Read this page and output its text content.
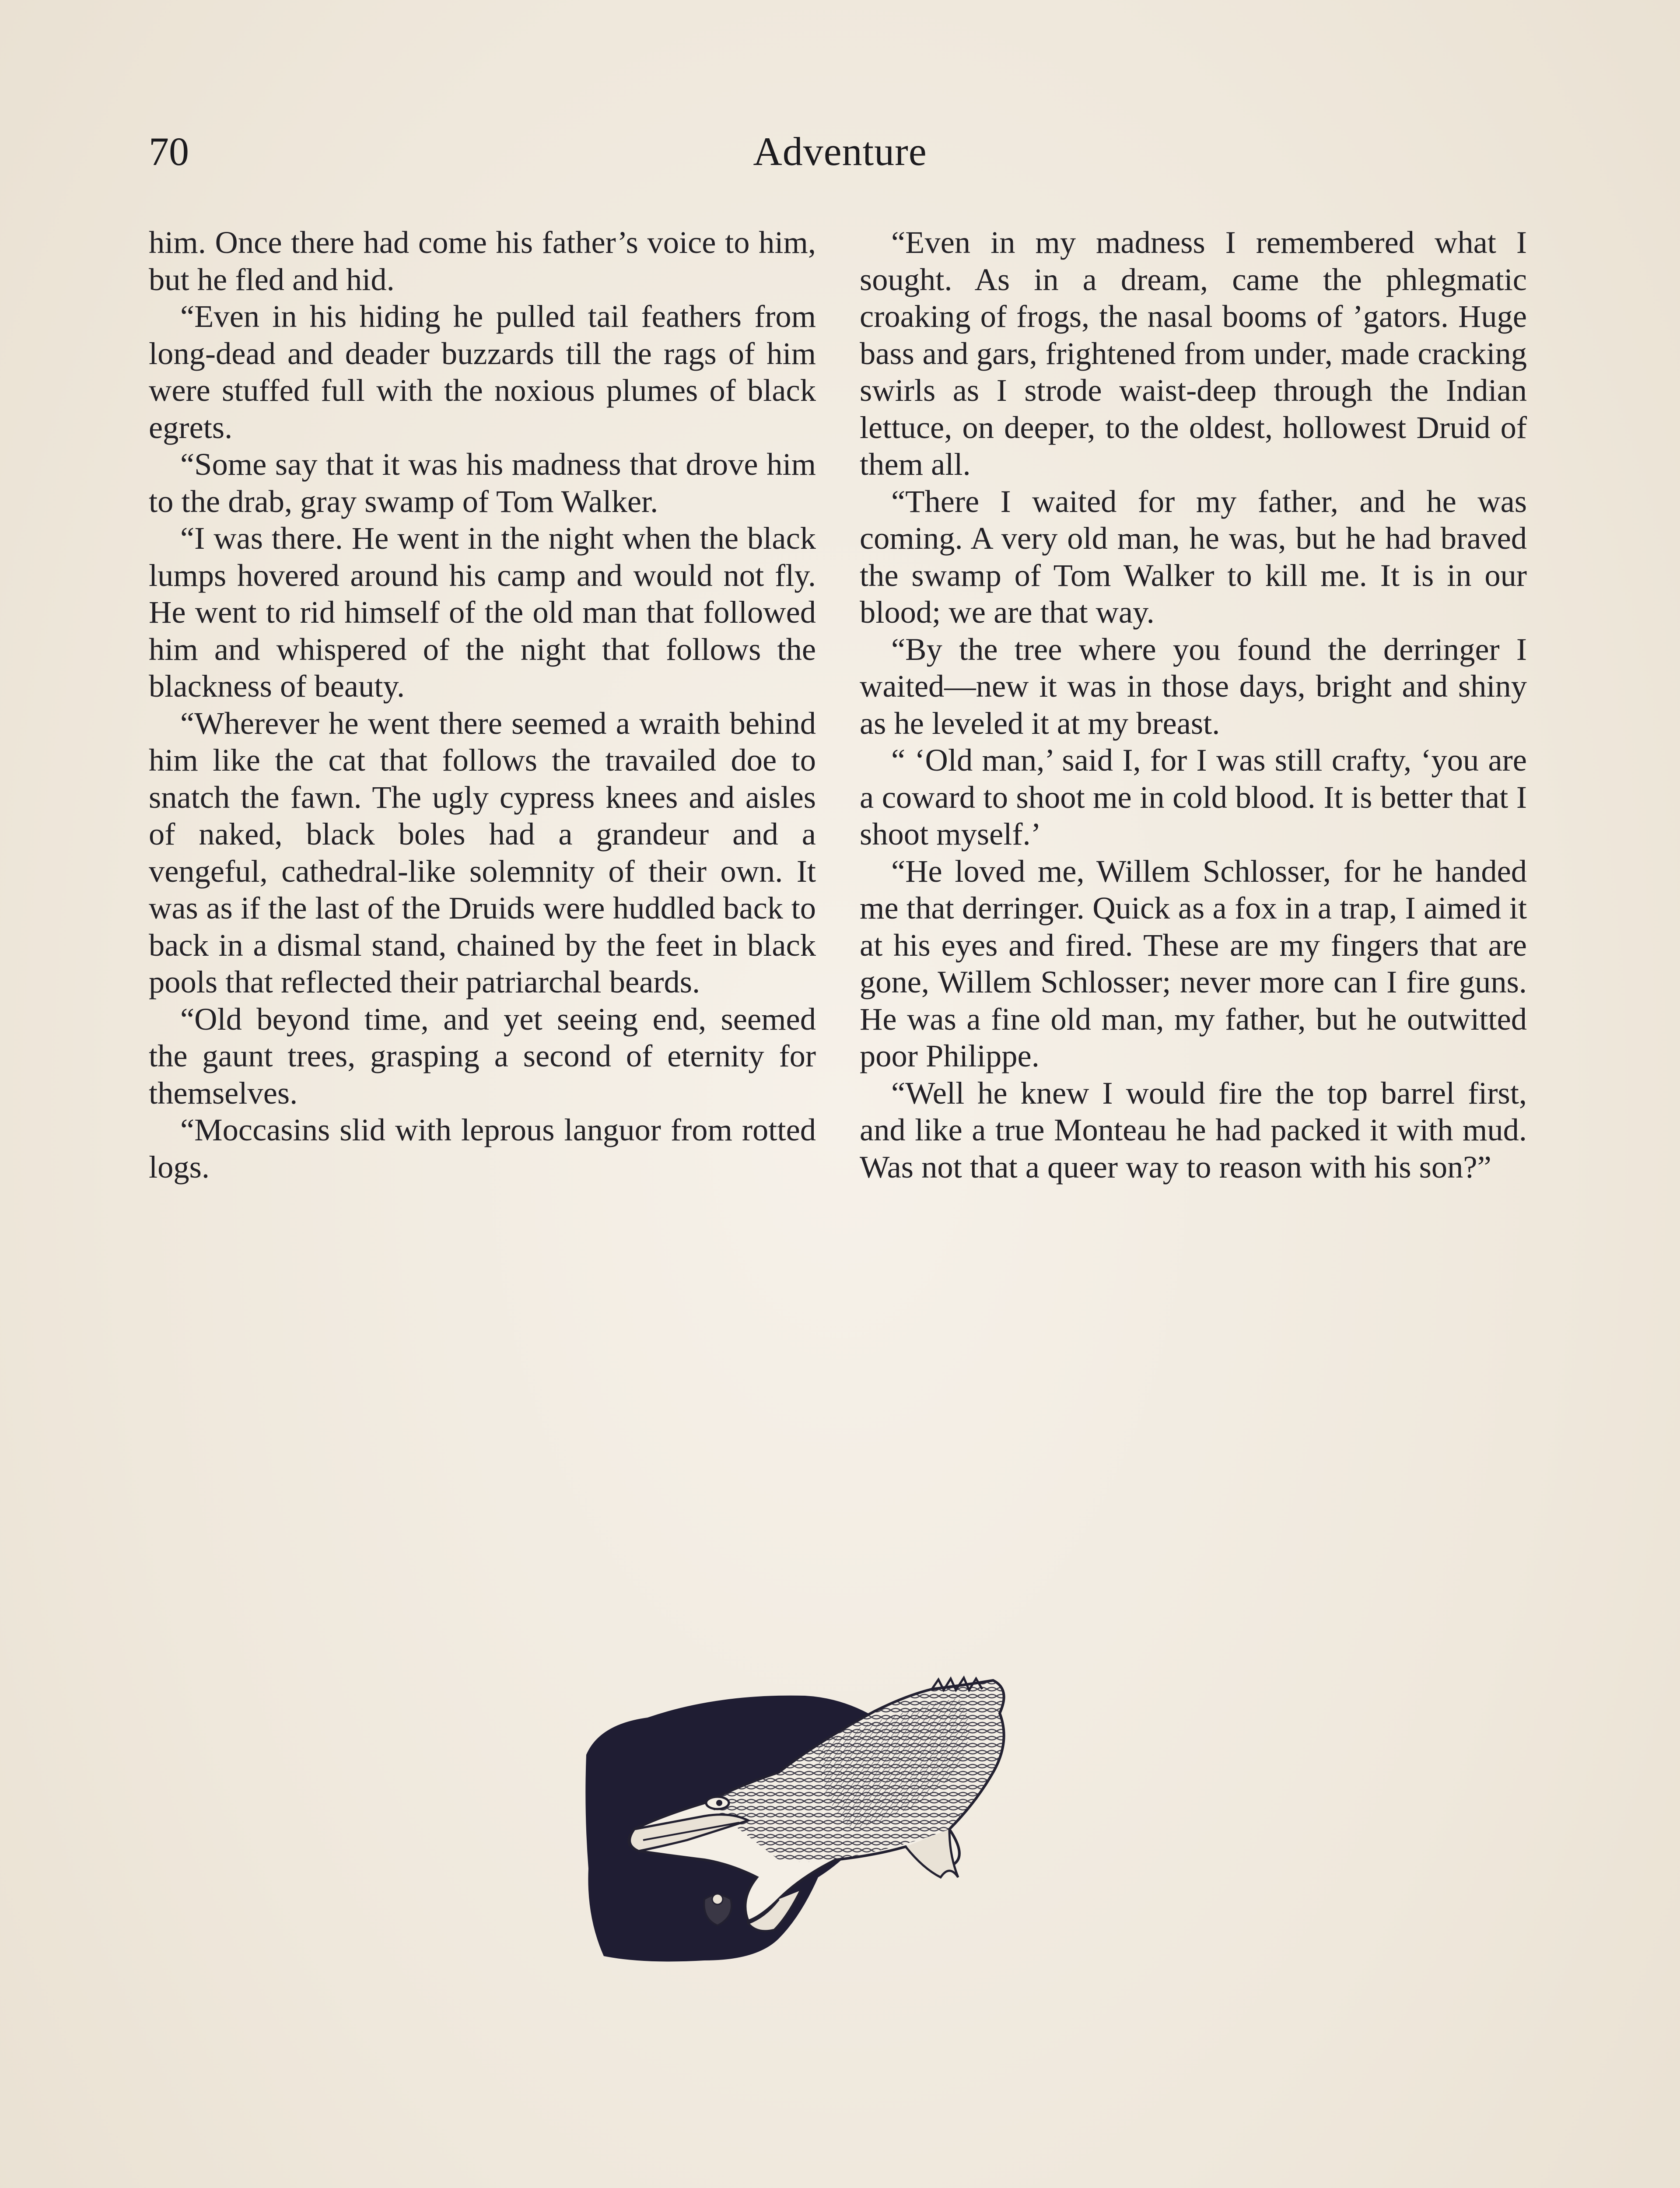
70	Adventure

him. Once there had come his father’s voice to him, but he fled and hid.

“Even in his hiding he pulled tail feathers from long-dead and deader buzzards till the rags of him were stuffed full with the noxious plumes of black egrets.

“Some say that it was his madness that drove him to the drab, gray swamp of Tom Walker.

“I was there. He went in the night when the black lumps hovered around his camp and would not fly. He went to rid himself of the old man that followed him and whispered of the night that follows the blackness of beauty.

“Wherever he went there seemed a wraith behind him like the cat that follows the travailed doe to snatch the fawn. The ugly cypress knees and aisles of naked, black boles had a grandeur and a vengeful, cathedral-like solemnity of their own. It was as if the last of the Druids were huddled back to back in a dismal stand, chained by the feet in black pools that reflected their patriarchal beards.

“Old beyond time, and yet seeing end, seemed the gaunt trees, grasping a second of eternity for themselves.

“Moccasins slid with leprous languor from rotted logs.

“Even in my madness I remembered what I sought. As in a dream, came the phlegmatic croaking of frogs, the nasal booms of ’gators. Huge bass and gars, frightened from under, made cracking swirls as I strode waist-deep through the Indian lettuce, on deeper, to the oldest, hollowest Druid of them all.

“There I waited for my father, and he was coming. A very old man, he was, but he had braved the swamp of Tom Walker to kill me. It is in our blood; we are that way.

“By the tree where you found the derringer I waited—new it was in those days, bright and shiny as he leveled it at my breast.

“ ‘Old man,’ said I, for I was still crafty, ‘you are a coward to shoot me in cold blood. It is better that I shoot myself.’

“He loved me, Willem Schlosser, for he handed me that derringer. Quick as a fox in a trap, I aimed it at his eyes and fired. These are my fingers that are gone, Willem Schlosser; never more can I fire guns. He was a fine old man, my father, but he outwitted poor Philippe.

“Well he knew I would fire the top barrel first, and like a true Monteau he had packed it with mud. Was not that a queer way to reason with his son?”
